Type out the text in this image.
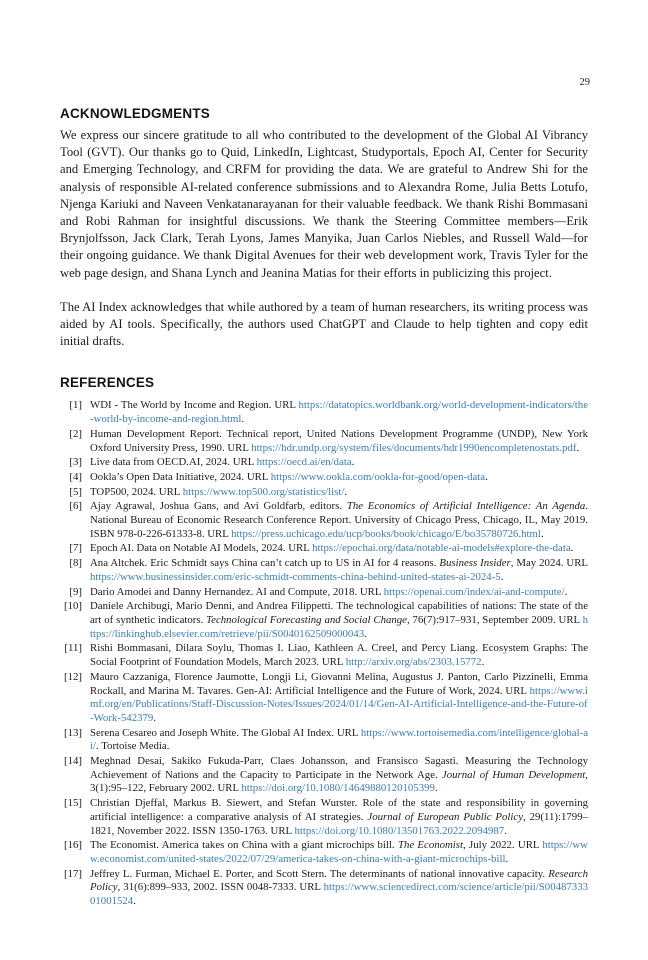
29
ACKNOWLEDGMENTS

We express our sincere gratitude to all who contributed to the development of the Global AI Vibrancy Tool (GVT). Our thanks go to Quid, LinkedIn, Lightcast, Studyportals, Epoch AI, Center for Security and Emerging Technology, and CRFM for providing the data. We are grateful to Andrew Shi for the analysis of responsible AI-related conference submissions and to Alexandra Rome, Julia Betts Lotufo, Njenga Kariuki and Naveen Venkatanarayanan for their valuable feedback. We thank Rishi Bommasani and Robi Rahman for insightful discussions. We thank the Steering Committee members—Erik Brynjolfsson, Jack Clark, Terah Lyons, James Manyika, Juan Carlos Niebles, and Russell Wald—for their ongoing guidance. We thank Digital Avenues for their web development work, Travis Tyler for the web page design, and Shana Lynch and Jeanina Matias for their efforts in publicizing this project.

The AI Index acknowledges that while authored by a team of human researchers, its writing process was aided by AI tools. Specifically, the authors used ChatGPT and Claude to help tighten and copy edit initial drafts.

REFERENCES
[1] WDI - The World by Income and Region. URL https://datatopics.worldbank.org/world-development-indicators/the-world-by-income-and-region.html.
[2] Human Development Report. Technical report, United Nations Development Programme (UNDP), New York Oxford University Press, 1990. URL https://hdr.undp.org/system/files/documents/hdr1990encompletenostats.pdf.
[3] Live data from OECD.AI, 2024. URL https://oecd.ai/en/data.
[4] Ookla’s Open Data Initiative, 2024. URL https://www.ookla.com/ookla-for-good/open-data.
[5] TOP500, 2024. URL https://www.top500.org/statistics/list/.
[6] Ajay Agrawal, Joshua Gans, and Avi Goldfarb, editors. The Economics of Artificial Intelligence: An Agenda. National Bureau of Economic Research Conference Report. University of Chicago Press, Chicago, IL, May 2019. ISBN 978-0-226-61333-8. URL https://press.uchicago.edu/ucp/books/book/chicago/E/bo35780726.html.
[7] Epoch AI. Data on Notable AI Models, 2024. URL https://epochai.org/data/notable-ai-models#explore-the-data.
[8] Ana Altchek. Eric Schmidt says China can’t catch up to US in AI for 4 reasons. Business Insider, May 2024. URL https://www.businessinsider.com/eric-schmidt-comments-china-behind-united-states-ai-2024-5.
[9] Dario Amodei and Danny Hernandez. AI and Compute, 2018. URL https://openai.com/index/ai-and-compute/.
[10] Daniele Archibugi, Mario Denni, and Andrea Filippetti. The technological capabilities of nations: The state of the art of synthetic indicators. Technological Forecasting and Social Change, 76(7):917–931, September 2009. URL https://linkinghub.elsevier.com/retrieve/pii/S0040162509000043.
[11] Rishi Bommasani, Dilara Soylu, Thomas I. Liao, Kathleen A. Creel, and Percy Liang. Ecosystem Graphs: The Social Footprint of Foundation Models, March 2023. URL http://arxiv.org/abs/2303.15772.
[12] Mauro Cazzaniga, Florence Jaumotte, Longji Li, Giovanni Melina, Augustus J. Panton, Carlo Pizzinelli, Emma Rockall, and Marina M. Tavares. Gen-AI: Artificial Intelligence and the Future of Work, 2024. URL https://www.imf.org/en/Publications/Staff-Discussion-Notes/Issues/2024/01/14/Gen-AI-Artificial-Intelligence-and-the-Future-of-Work-542379.
[13] Serena Cesareo and Joseph White. The Global AI Index. URL https://www.tortoisemedia.com/intelligence/global-ai/. Tortoise Media.
[14] Meghnad Desai, Sakiko Fukuda-Parr, Claes Johansson, and Fransisco Sagasti. Measuring the Technology Achievement of Nations and the Capacity to Participate in the Network Age. Journal of Human Development, 3(1):95–122, February 2002. URL https://doi.org/10.1080/14649880120105399.
[15] Christian Djeffal, Markus B. Siewert, and Stefan Wurster. Role of the state and responsibility in governing artificial intelligence: a comparative analysis of AI strategies. Journal of European Public Policy, 29(11):1799–1821, November 2022. ISSN 1350-1763. URL https://doi.org/10.1080/13501763.2022.2094987.
[16] The Economist. America takes on China with a giant microchips bill. The Economist, July 2022. URL https://www.economist.com/united-states/2022/07/29/america-takes-on-china-with-a-giant-microchips-bill.
[17] Jeffrey L. Furman, Michael E. Porter, and Scott Stern. The determinants of national innovative capacity. Research Policy, 31(6):899–933, 2002. ISSN 0048-7333. URL https://www.sciencedirect.com/science/article/pii/S0048733301001524.
